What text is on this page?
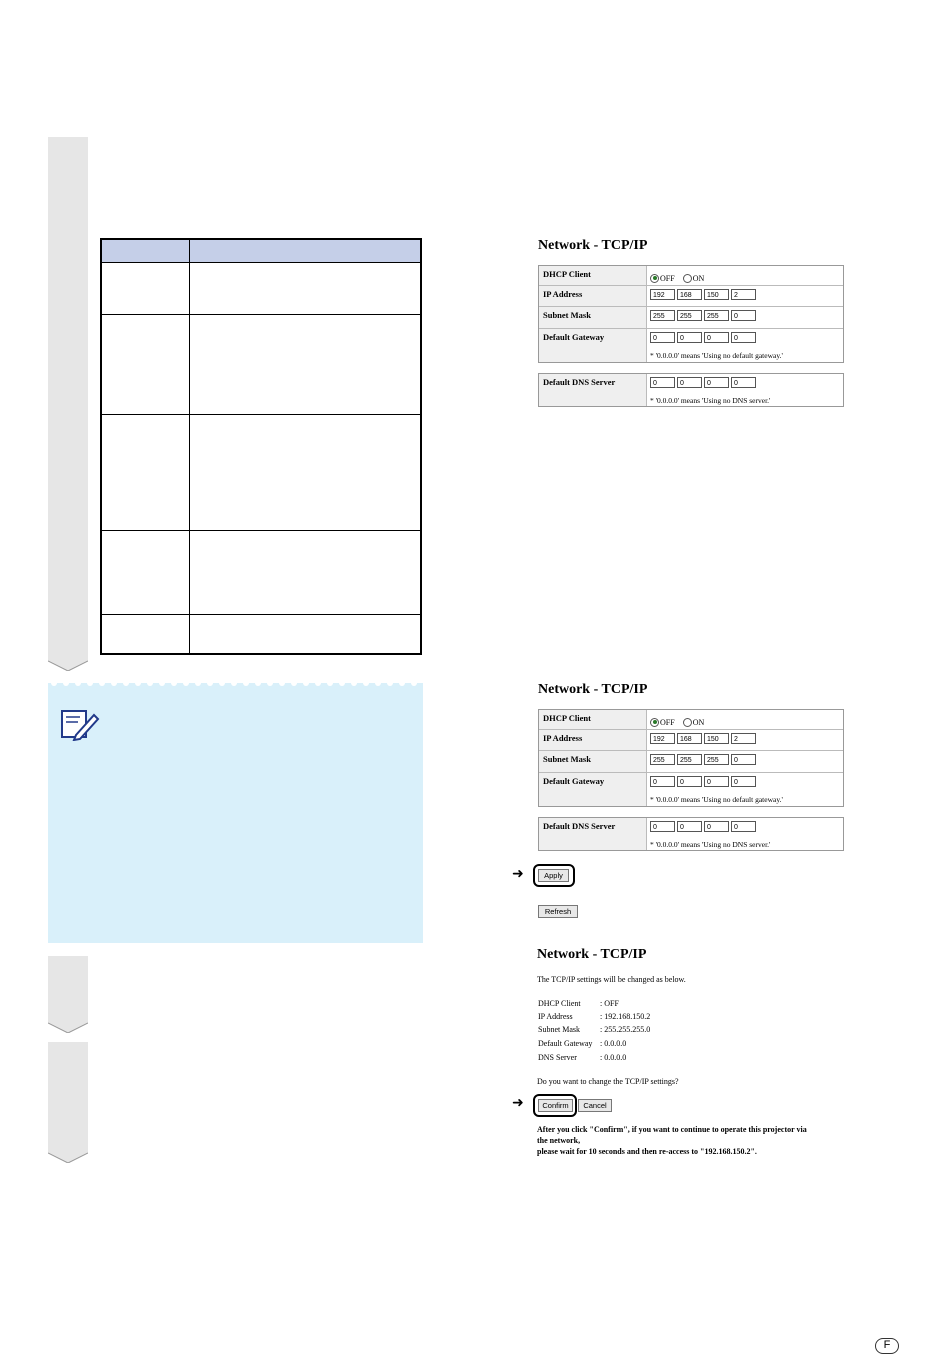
Network - TCP/IP
DHCP Client	OFF ON
IP Address	192 168 150 2
Subnet Mask	255 255 255 0
Default Gateway	0	0	0	0
* '0.0.0.0' means 'Using no default gateway.'
Default DNS Server	0	0	0	0
* '0.0.0.0' means 'Using no DNS server.'
Network - TCP/IP
DHCP Client	OFF ON
IP Address	192 168 150 2
Subnet Mask	255 255 255 0
Default Gateway	0	0	0	0
* '0.0.0.0' means 'Using no default gateway.'
Default DNS Server	0	0	0	0
* '0.0.0.0' means 'Using no DNS server.'
➜	Apply
Refresh
Network - TCP/IP
The TCP/IP settings will be changed as below.
DHCP Client : OFF
IP Address	: 192.168.150.2
Subnet Mask	: 255.255.255.0
Default Gateway : 0.0.0.0
DNS Server	: 0.0.0.0
Do you want to change the TCP/IP settings?
➜	Confirm	Cancel
After you click "Confirm", if you want to continue to operate this projector via
the network,
please wait for 10 seconds and then re-access to "192.168.150.2".
F
